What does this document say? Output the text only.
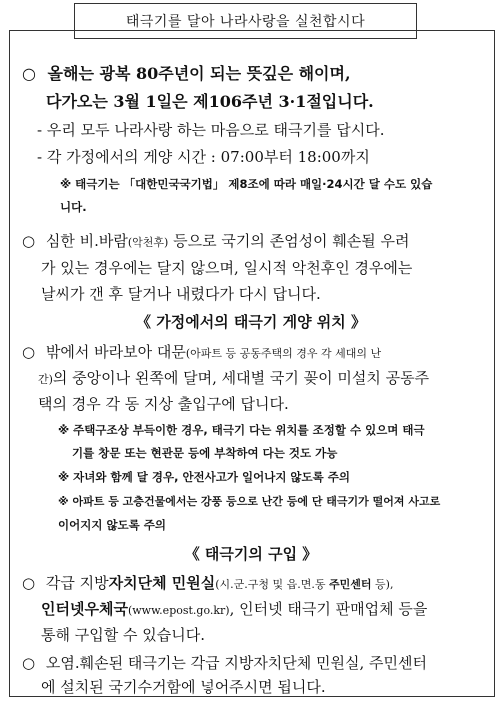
태극기를 달아 나라사랑을 실천합시다
○ 올해는 광복 80주년이 되는 뜻깊은 해이며,
다가오는 3월 1일은 제106주년 3·1절입니다.
- 우리 모두 나라사랑 하는 마음으로 태극기를 답시다.
- 각 가정에서의 게양 시간 : 07:00부터 18:00까지
※ 태극기는 「대한민국국기법」 제8조에 따라 매일·24시간 달 수도 있습
니다.
○ 심한 비.바람(악천후) 등으로 국기의 존엄성이 훼손될 우려
가 있는 경우에는 달지 않으며, 일시적 악천후인 경우에는
날씨가 갠 후 달거나 내렸다가 다시 답니다.
《 가정에서의 태극기 게양 위치 》
○ 밖에서 바라보아 대문(아파트 등 공동주택의 경우 각 세대의 난
간)의 중앙이나 왼쪽에 달며, 세대별 국기 꽂이 미설치 공동주
택의 경우 각 동 지상 출입구에 답니다.
※ 주택구조상 부득이한 경우, 태극기 다는 위치를 조정할 수 있으며 태극
기를 창문 또는 현관문 등에 부착하여 다는 것도 가능
※ 자녀와 함께 달 경우, 안전사고가 일어나지 않도록 주의
※ 아파트 등 고층건물에서는 강풍 등으로 난간 등에 단 태극기가 떨어져 사고로
이어지지 않도록 주의
《 태극기의 구입 》
○ 각급 지방자치단체 민원실(시.군.구청 및 읍.면.동 주민센터 등),
인터넷우체국(www.epost.go.kr), 인터넷 태극기 판매업체 등을
통해 구입할 수 있습니다.
○ 오염.훼손된 태극기는 각급 지방자치단체 민원실, 주민센터
에 설치된 국기수거함에 넣어주시면 됩니다.
